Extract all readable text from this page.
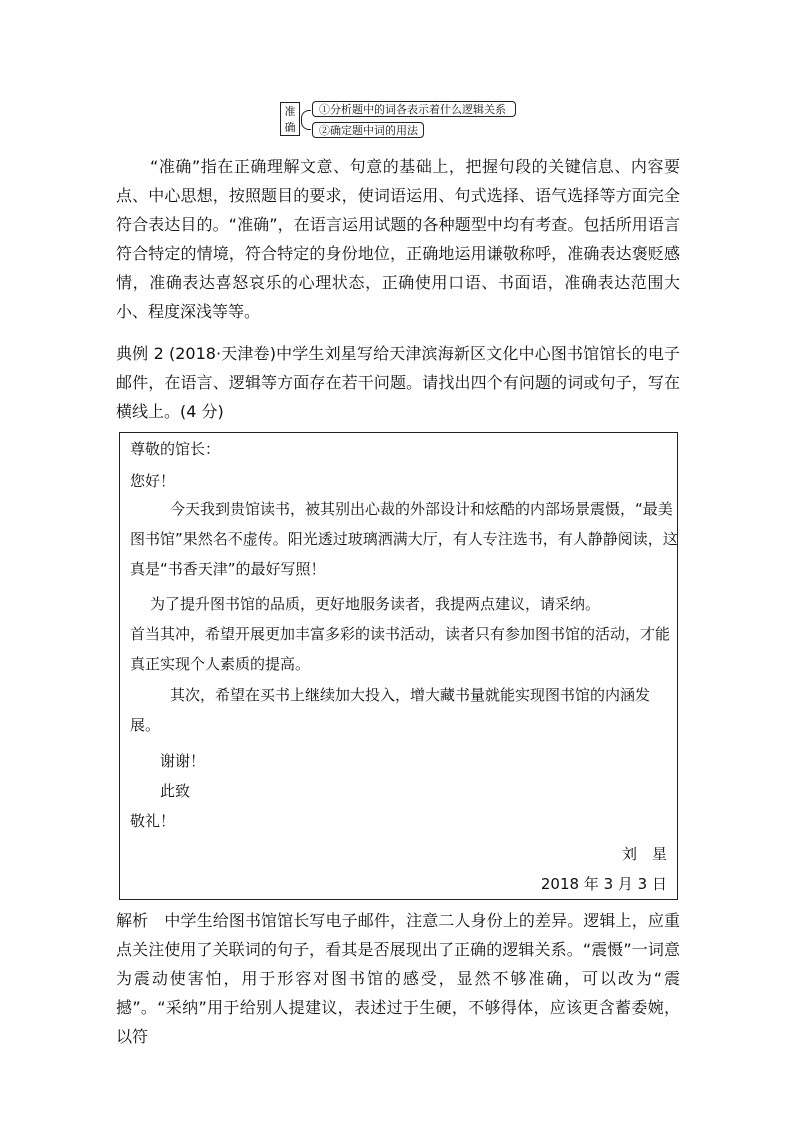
准
确
①分析题中的词各表示着什么逻辑关系
②确定题中词的用法

“准确”指在正确理解文意、句意的基础上，把握句段的关键信息、内容要点、中心思想，按照题目的要求，使词语运用、句式选择、语气选择等方面完全符合表达目的。“准确”，在语言运用试题的各种题型中均有考查。包括所用语言符合特定的情境，符合特定的身份地位，正确地运用谦敬称呼，准确表达褒贬感情，准确表达喜怒哀乐的心理状态，正确使用口语、书面语，准确表达范围大小、程度深浅等等。

典例 2 (2018·天津卷)中学生刘星写给天津滨海新区文化中心图书馆馆长的电子邮件，在语言、逻辑等方面存在若干问题。请找出四个有问题的词或句子，写在横线上。(4 分)

尊敬的馆长：

您好！

今天我到贵馆读书，被其别出心裁的外部设计和炫酷的内部场景震慑，“最美图书馆”果然名不虚传。阳光透过玻璃洒满大厅，有人专注选书，有人静静阅读，这真是“书香天津”的最好写照！

为了提升图书馆的品质，更好地服务读者，我提两点建议，请采纳。

首当其冲，希望开展更加丰富多彩的读书活动，读者只有参加图书馆的活动，才能真正实现个人素质的提高。

其次，希望在买书上继续加大投入，增大藏书量就能实现图书馆的内涵发展。

谢谢！

此致

敬礼！

刘　星

2018 年 3 月 3 日

解析　中学生给图书馆馆长写电子邮件，注意二人身份上的差异。逻辑上，应重点关注使用了关联词的句子，看其是否展现出了正确的逻辑关系。“震慑”一词意为震动使害怕，用于形容对图书馆的感受，显然不够准确，可以改为“震撼”。“采纳”用于给别人提建议，表述过于生硬，不够得体，应该更含蓄委婉，以符
